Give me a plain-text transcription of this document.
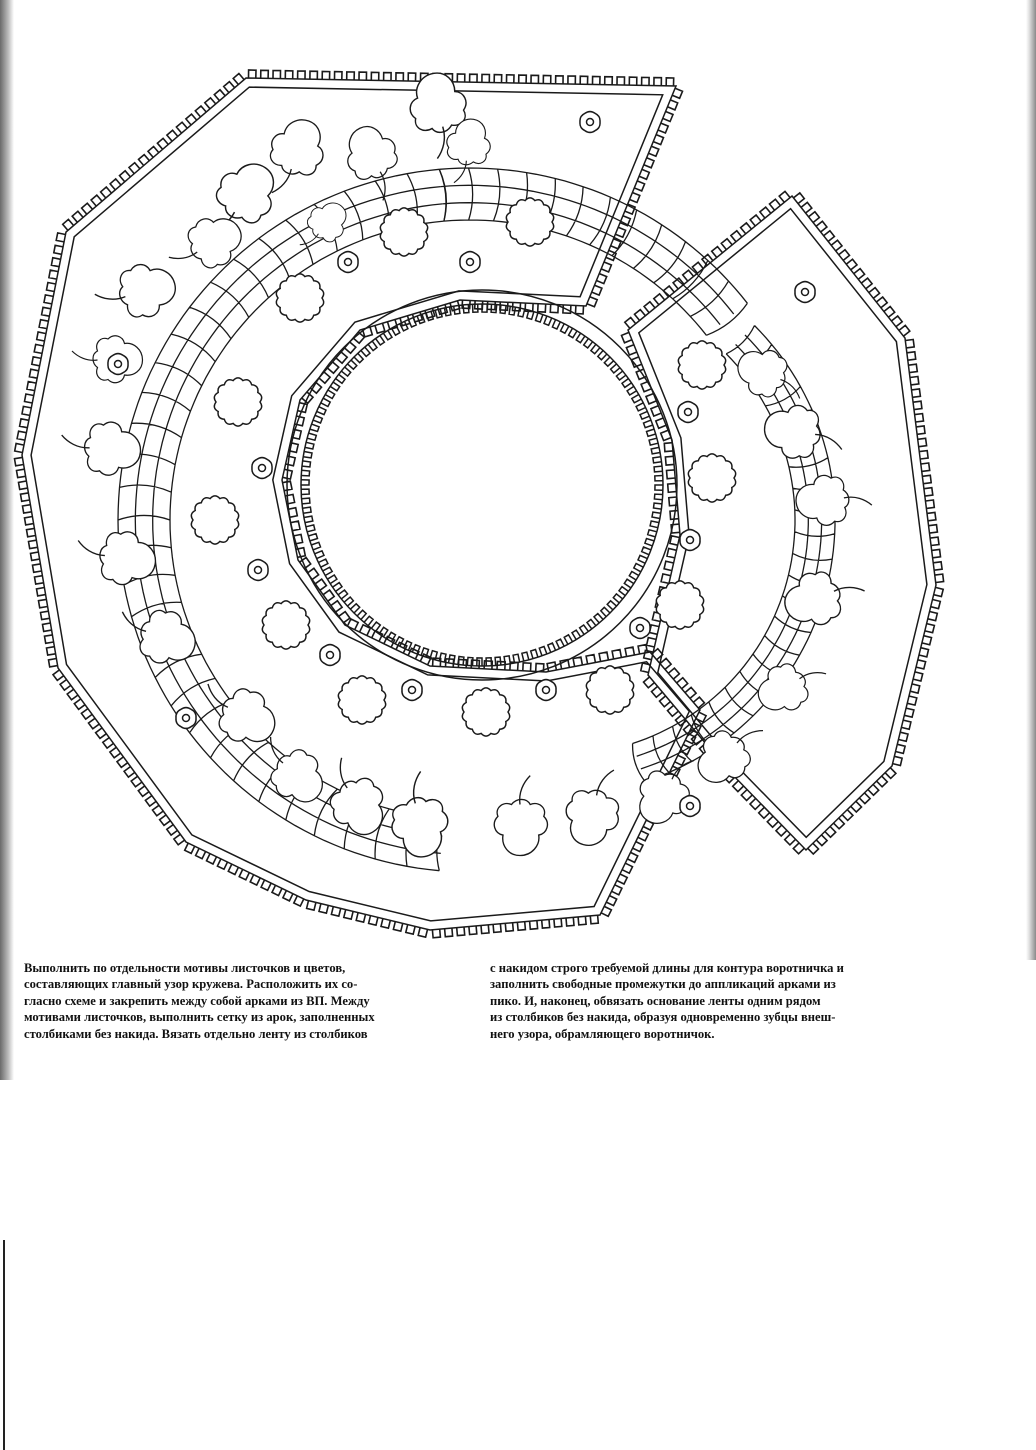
Выполнить по отдельности мотивы листочков и цветов,
составляющих главный узор кружева. Расположить их со-
гласно схеме и закрепить между собой арками из ВП. Между
мотивами листочков, выполнить сетку из арок, заполненных
столбиками без накида. Вязать отдельно ленту из столбиков
с накидом строго требуемой длины для контура воротничка и
заполнить свободные промежутки до аппликаций арками из
пико. И, наконец, обвязать основание ленты одним рядом
из столбиков без накида, образуя одновременно зубцы внеш-
него узора, обрамляющего воротничок.
